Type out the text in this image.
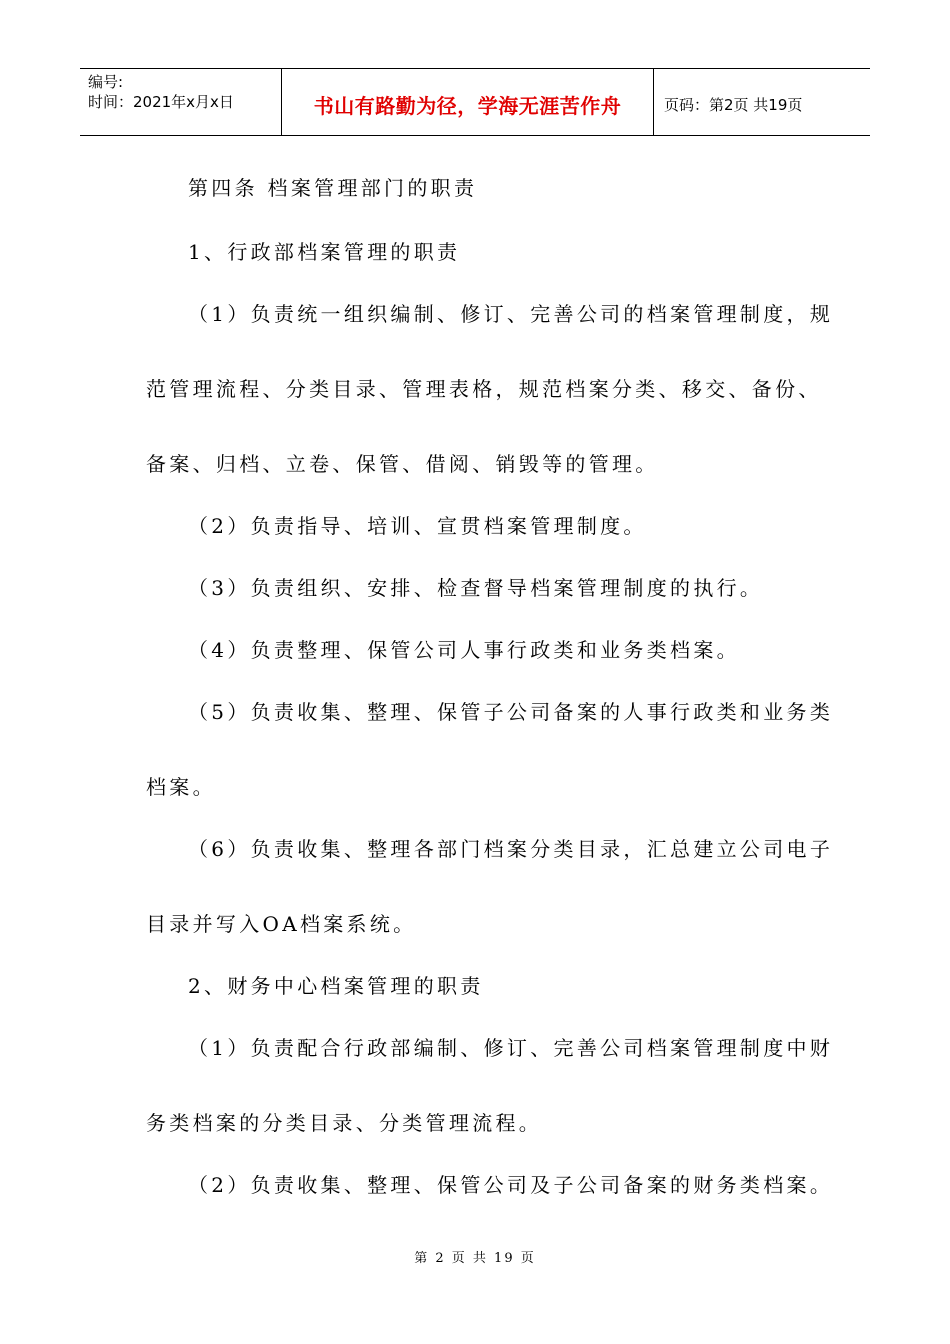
编号:
时间：2021年x月x日	书山有路勤为径，学海无涯苦作舟	页码：第2页 共19页
第四条 档案管理部门的职责
1、行政部档案管理的职责
（1）负责统一组织编制、修订、完善公司的档案管理制度，规
范管理流程、分类目录、管理表格，规范档案分类、移交、备份、
备案、归档、立卷、保管、借阅、销毁等的管理。
（2）负责指导、培训、宣贯档案管理制度。
（3）负责组织、安排、检查督导档案管理制度的执行。
（4）负责整理、保管公司人事行政类和业务类档案。
（5）负责收集、整理、保管子公司备案的人事行政类和业务类
档案。
（6）负责收集、整理各部门档案分类目录，汇总建立公司电子
目录并写入OA档案系统。
2、财务中心档案管理的职责
（1）负责配合行政部编制、修订、完善公司档案管理制度中财
务类档案的分类目录、分类管理流程。
（2）负责收集、整理、保管公司及子公司备案的财务类档案。
第 2 页 共 19 页
